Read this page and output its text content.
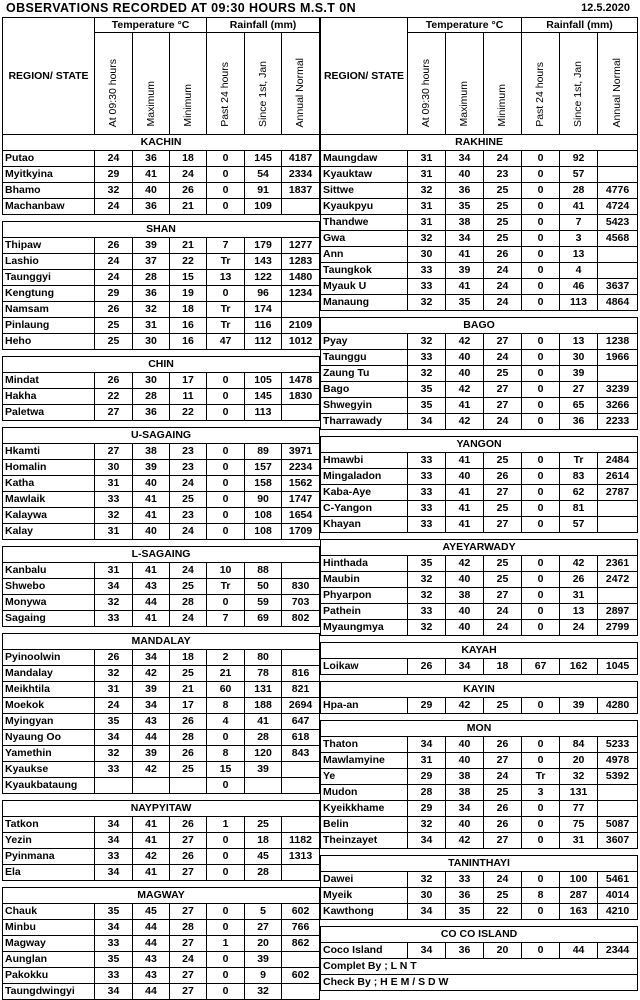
OBSERVATIONS RECORDED AT 09:30 HOURS M.S.T 0N	12.5.2020
REGION/ STATE	Temperature °C			Rainfall (mm)		
	At 09:30 hours	Maximum	Minimum	Past 24 hours	Since 1st, Jan	Annual Normal
KACHIN						
Putao	24	36	18	0	145	4187
Myitkyina	29	41	24	0	54	2334
Bhamo	32	40	26	0	91	1837
Machanbaw	24	36	21	0	109	

SHAN						
Thipaw	26	39	21	7	179	1277
Lashio	24	37	22	Tr	143	1283
Taunggyi	24	28	15	13	122	1480
Kengtung	29	36	19	0	96	1234
Namsam	26	32	18	Tr	174	
Pinlaung	25	31	16	Tr	116	2109
Heho	25	30	16	47	112	1012

CHIN						
Mindat	26	30	17	0	105	1478
Hakha	22	28	11	0	145	1830
Paletwa	27	36	22	0	113	

U-SAGAING						
Hkamti	27	38	23	0	89	3971
Homalin	30	39	23	0	157	2234
Katha	31	40	24	0	158	1562
Mawlaik	33	41	25	0	90	1747
Kalaywa	32	41	23	0	108	1654
Kalay	31	40	24	0	108	1709

L-SAGAING						
Kanbalu	31	41	24	10	88	
Shwebo	34	43	25	Tr	50	830
Monywa	32	44	28	0	59	703
Sagaing	33	41	24	7	69	802

MANDALAY						
Pyinoolwin	26	34	18	2	80	
Mandalay	32	42	25	21	78	816
Meikhtila	31	39	21	60	131	821
Moekok	24	34	17	8	188	2694
Myingyan	35	43	26	4	41	647
Nyaung Oo	34	44	28	0	28	618
Yamethin	32	39	26	8	120	843
Kyaukse	33	42	25	15	39	
Kyaukbataung				0		

NAYPYITAW						
Tatkon	34	41	26	1	25	
Yezin	34	41	27	0	18	1182
Pyinmana	33	42	26	0	45	1313
Ela	34	41	27	0	28	

MAGWAY						
Chauk	35	45	27	0	5	602
Minbu	34	44	28	0	27	766
Magway	33	44	27	1	20	862
Aunglan	35	43	24	0	39	
Pakokku	33	43	27	0	9	602
Taungdwingyi	34	44	27	0	32	
REGION/ STATE	Temperature °C			Rainfall (mm)		
	At 09:30 hours	Maximum	Minimum	Past 24 hours	Since 1st, Jan	Annual Normal
RAKHINE						
Maungdaw	31	34	24	0	92	
Kyauktaw	31	40	23	0	57	
Sittwe	32	36	25	0	28	4776
Kyaukpyu	31	35	25	0	41	4724
Thandwe	31	38	25	0	7	5423
Gwa	32	34	25	0	3	4568
Ann	30	41	26	0	13	
Taungkok	33	39	24	0	4	
Myauk U	33	41	24	0	46	3637
Manaung	32	35	24	0	113	4864

BAGO						
Pyay	32	42	27	0	13	1238
Taunggu	33	40	24	0	30	1966
Zaung Tu	32	40	25	0	39	
Bago	35	42	27	0	27	3239
Shwegyin	35	41	27	0	65	3266
Tharrawady	34	42	24	0	36	2233

YANGON						
Hmawbi	33	41	25	0	Tr	2484
Mingaladon	33	40	26	0	83	2614
Kaba-Aye	33	41	27	0	62	2787
C-Yangon	33	41	25	0	81	
Khayan	33	41	27	0	57	

AYEYARWADY						
Hinthada	35	42	25	0	42	2361
Maubin	32	40	25	0	26	2472
Phyarpon	32	38	27	0	31	
Pathein	33	40	24	0	13	2897
Myaungmya	32	40	24	0	24	2799

KAYAH						
Loikaw	26	34	18	67	162	1045

KAYIN						
Hpa-an	29	42	25	0	39	4280

MON						
Thaton	34	40	26	0	84	5233
Mawlamyine	31	40	27	0	20	4978
Ye	29	38	24	Tr	32	5392
Mudon	28	38	25	3	131	
Kyeikkhame	29	34	26	0	77	
Belin	32	40	26	0	75	5087
Theinzayet	34	42	27	0	31	3607

TANINTHAYI						
Dawei	32	33	24	0	100	5461
Myeik	30	36	25	8	287	4014
Kawthong	34	35	22	0	163	4210

CO CO ISLAND						
Coco Island	34	36	20	0	44	2344
Complet By ; L N T						
Check By ; H E M / S D W						
